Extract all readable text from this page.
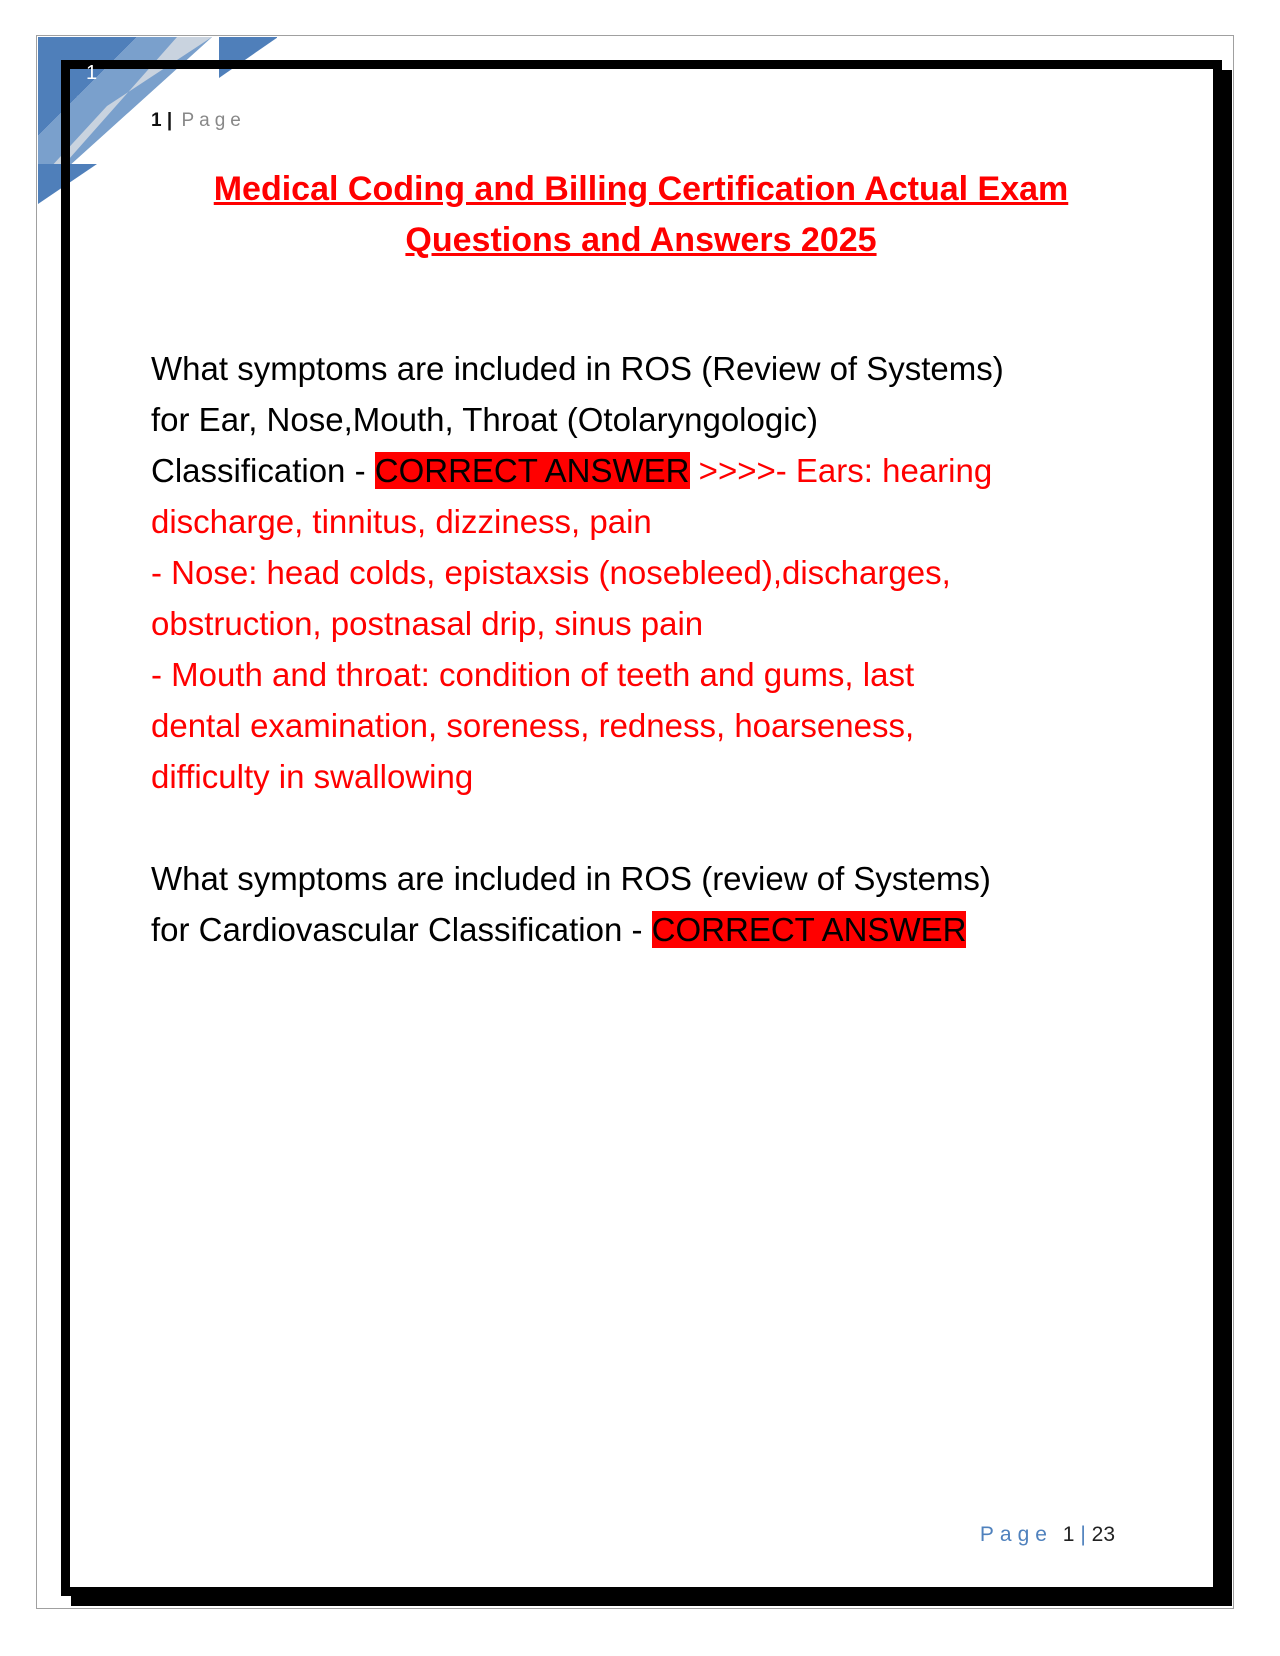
1
1 | Page
Medical Coding and Billing Certification Actual Exam
Questions and Answers 2025
What symptoms are included in ROS (Review of Systems)
for Ear, Nose,Mouth, Throat (Otolaryngologic)
Classification - CORRECT ANSWER >>>>- Ears: hearing
discharge, tinnitus, dizziness, pain
- Nose: head colds, epistaxsis (nosebleed),discharges,
obstruction, postnasal drip, sinus pain
- Mouth and throat: condition of teeth and gums, last
dental examination, soreness, redness, hoarseness,
difficulty in swallowing
What symptoms are included in ROS (review of Systems)
for Cardiovascular Classification - CORRECT ANSWER
Page 1 | 23
